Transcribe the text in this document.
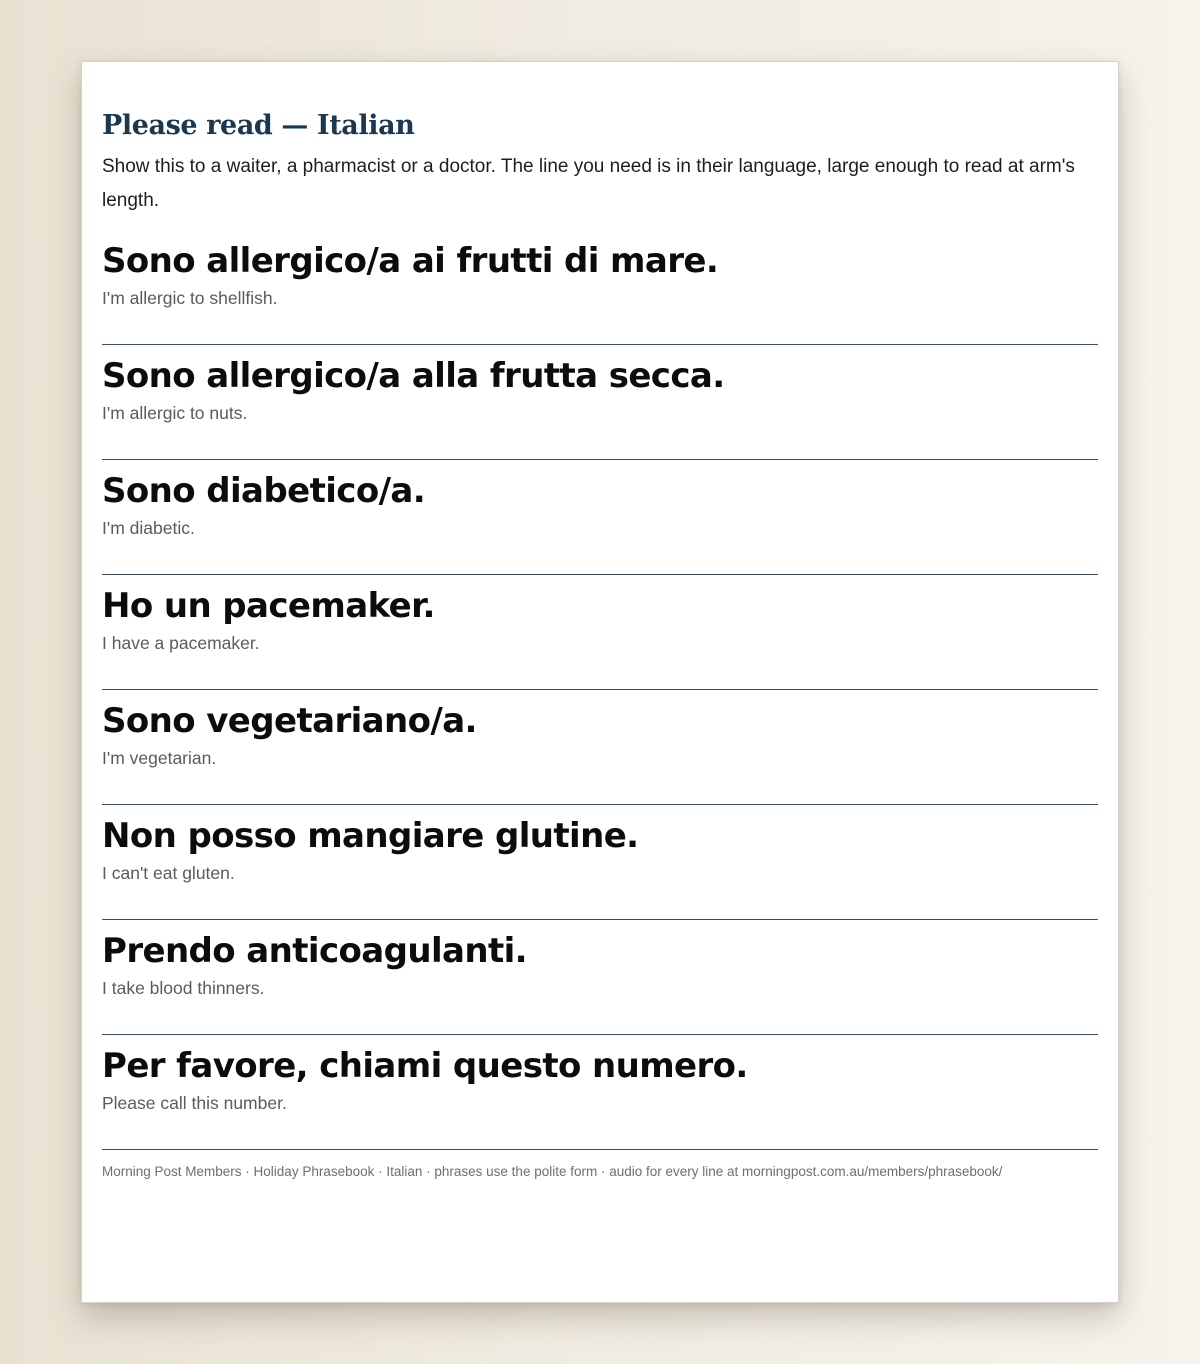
Please read — Italian

Show this to a waiter, a pharmacist or a doctor. The line you need is in their language, large enough to read at arm's length.

Sono allergico/a ai frutti di mare.
I'm allergic to shellfish.
Sono allergico/a alla frutta secca.
I'm allergic to nuts.
Sono diabetico/a.
I'm diabetic.
Ho un pacemaker.
I have a pacemaker.
Sono vegetariano/a.
I'm vegetarian.
Non posso mangiare glutine.
I can't eat gluten.
Prendo anticoagulanti.
I take blood thinners.
Per favore, chiami questo numero.
Please call this number.
Morning Post Members · Holiday Phrasebook · Italian · phrases use the polite form · audio for every line at morningpost.com.au/members/phrasebook/
